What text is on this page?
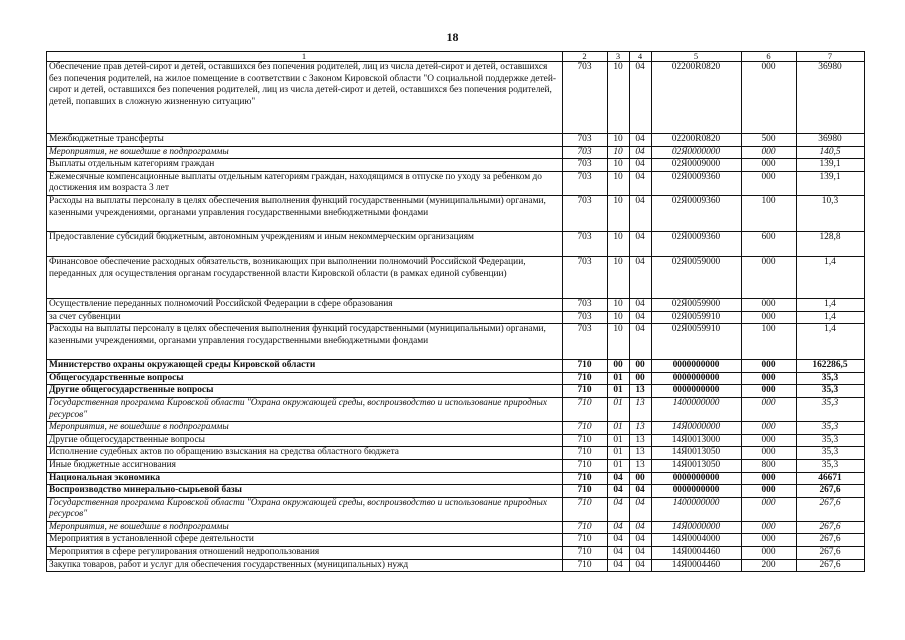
18
1	2	3	4	5	6	7
Обеспечение прав детей-сирот и детей, оставшихся без попечения родителей, лиц из числа детей-сирот и детей, оставшихся без попечения родителей, на жилое помещение в соответствии с Законом Кировской области "О социальной поддержке детей-сирот и детей, оставшихся без попечения родителей, лиц из числа детей-сирот и детей, оставшихся без попечения родителей, детей, попавших в сложную жизненную ситуацию"	703	10	04	02200R0820	000	36980
Межбюджетные трансферты	703	10	04	02200R0820	500	36980
Мероприятия, не вошедшие в подпрограммы	703	10	04	02Я0000000	000	140,5
Выплаты отдельным категориям граждан	703	10	04	02Я0009000	000	139,1
Ежемесячные компенсационные выплаты отдельным категориям граждан, находящимся в отпуске по уходу за ребенком до достижения им возраста 3 лет	703	10	04	02Я0009360	000	139,1
Расходы на выплаты персоналу в целях обеспечения выполнения функций государственными (муниципальными) органами, казенными учреждениями, органами управления государственными внебюджетными фондами	703	10	04	02Я0009360	100	10,3
Предоставление субсидий бюджетным, автономным учреждениям и иным некоммерческим организациям	703	10	04	02Я0009360	600	128,8
Финансовое обеспечение расходных обязательств, возникающих при выполнении полномочий Российской Федерации, переданных для осуществления органам государственной власти Кировской области (в рамках единой субвенции)	703	10	04	02Я0059000	000	1,4
Осуществление переданных полномочий Российской Федерации в сфере образования	703	10	04	02Я0059900	000	1,4
за счет субвенции	703	10	04	02Я0059910	000	1,4
Расходы на выплаты персоналу в целях обеспечения выполнения функций государственными (муниципальными) органами, казенными учреждениями, органами управления государственными внебюджетными фондами	703	10	04	02Я0059910	100	1,4
Министерство охраны окружающей среды Кировской области	710	00	00	0000000000	000	162286,5
Общегосударственные вопросы	710	01	00	0000000000	000	35,3
Другие общегосударственные вопросы	710	01	13	0000000000	000	35,3
Государственная программа Кировской области "Охрана окружающей среды, воспроизводство и использование природных ресурсов"	710	01	13	1400000000	000	35,3
Мероприятия, не вошедшие в подпрограммы	710	01	13	14Я0000000	000	35,3
Другие общегосударственные вопросы	710	01	13	14Я0013000	000	35,3
Исполнение судебных актов по обращению взыскания на средства областного бюджета	710	01	13	14Я0013050	000	35,3
Иные бюджетные ассигнования	710	01	13	14Я0013050	800	35,3
Национальная экономика	710	04	00	0000000000	000	46671
Воспроизводство минерально-сырьевой базы	710	04	04	0000000000	000	267,6
Государственная программа Кировской области "Охрана окружающей среды, воспроизводство и использование природных ресурсов"	710	04	04	1400000000	000	267,6
Мероприятия, не вошедшие в подпрограммы	710	04	04	14Я0000000	000	267,6
Мероприятия в установленной сфере деятельности	710	04	04	14Я0004000	000	267,6
Мероприятия в сфере регулирования отношений недропользования	710	04	04	14Я0004460	000	267,6
Закупка товаров, работ и услуг для обеспечения государственных (муниципальных) нужд	710	04	04	14Я0004460	200	267,6
